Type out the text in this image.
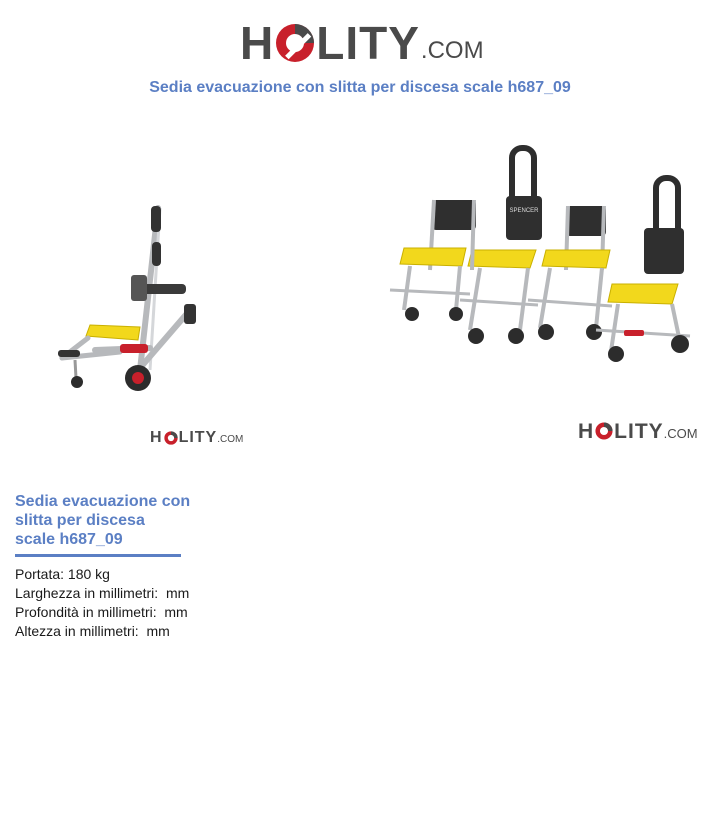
H LITY .COM
Sedia evacuazione con slitta per discesa scale h687_09
SPENCER
H LITY .COM	H LITY .COM
Sedia evacuazione con
slitta per discesa
scale h687_09
Portata: 180 kg
Larghezza in millimetri:  mm
Profondità in millimetri:  mm
Altezza in millimetri:  mm
